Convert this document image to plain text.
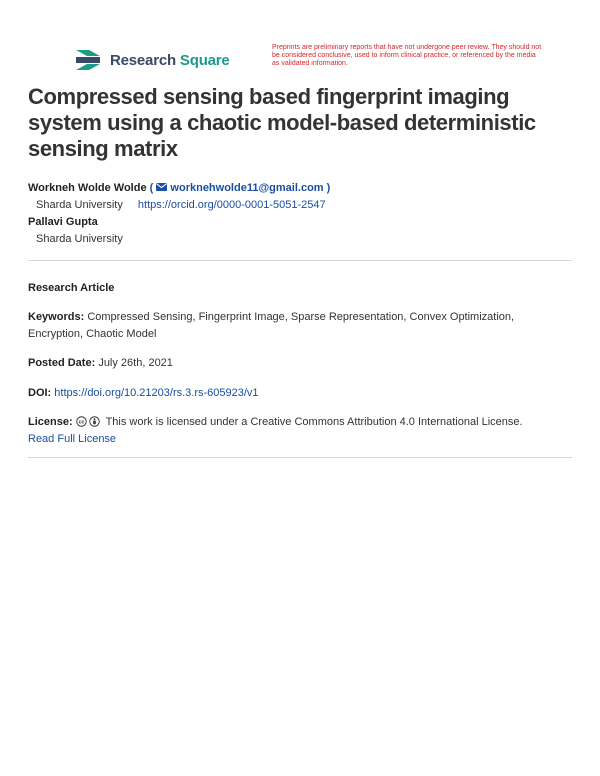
Research Square
Preprints are preliminary reports that have not undergone peer review. They should not be considered conclusive, used to inform clinical practice, or referenced by the media as validated information.
Compressed sensing based fingerprint imaging system using a chaotic model-based deterministic sensing matrix
Workneh Wolde Wolde (  worknehwolde11@gmail.com )
Sharda University https://orcid.org/0000-0001-5051-2547
Pallavi Gupta
Sharda University
Research Article
Keywords: Compressed Sensing, Fingerprint Image, Sparse Representation, Convex Optimization, Encryption, Chaotic Model
Posted Date: July 26th, 2021
DOI: https://doi.org/10.21203/rs.3.rs-605923/v1
License: cc This work is licensed under a Creative Commons Attribution 4.0 International License.
Read Full License
